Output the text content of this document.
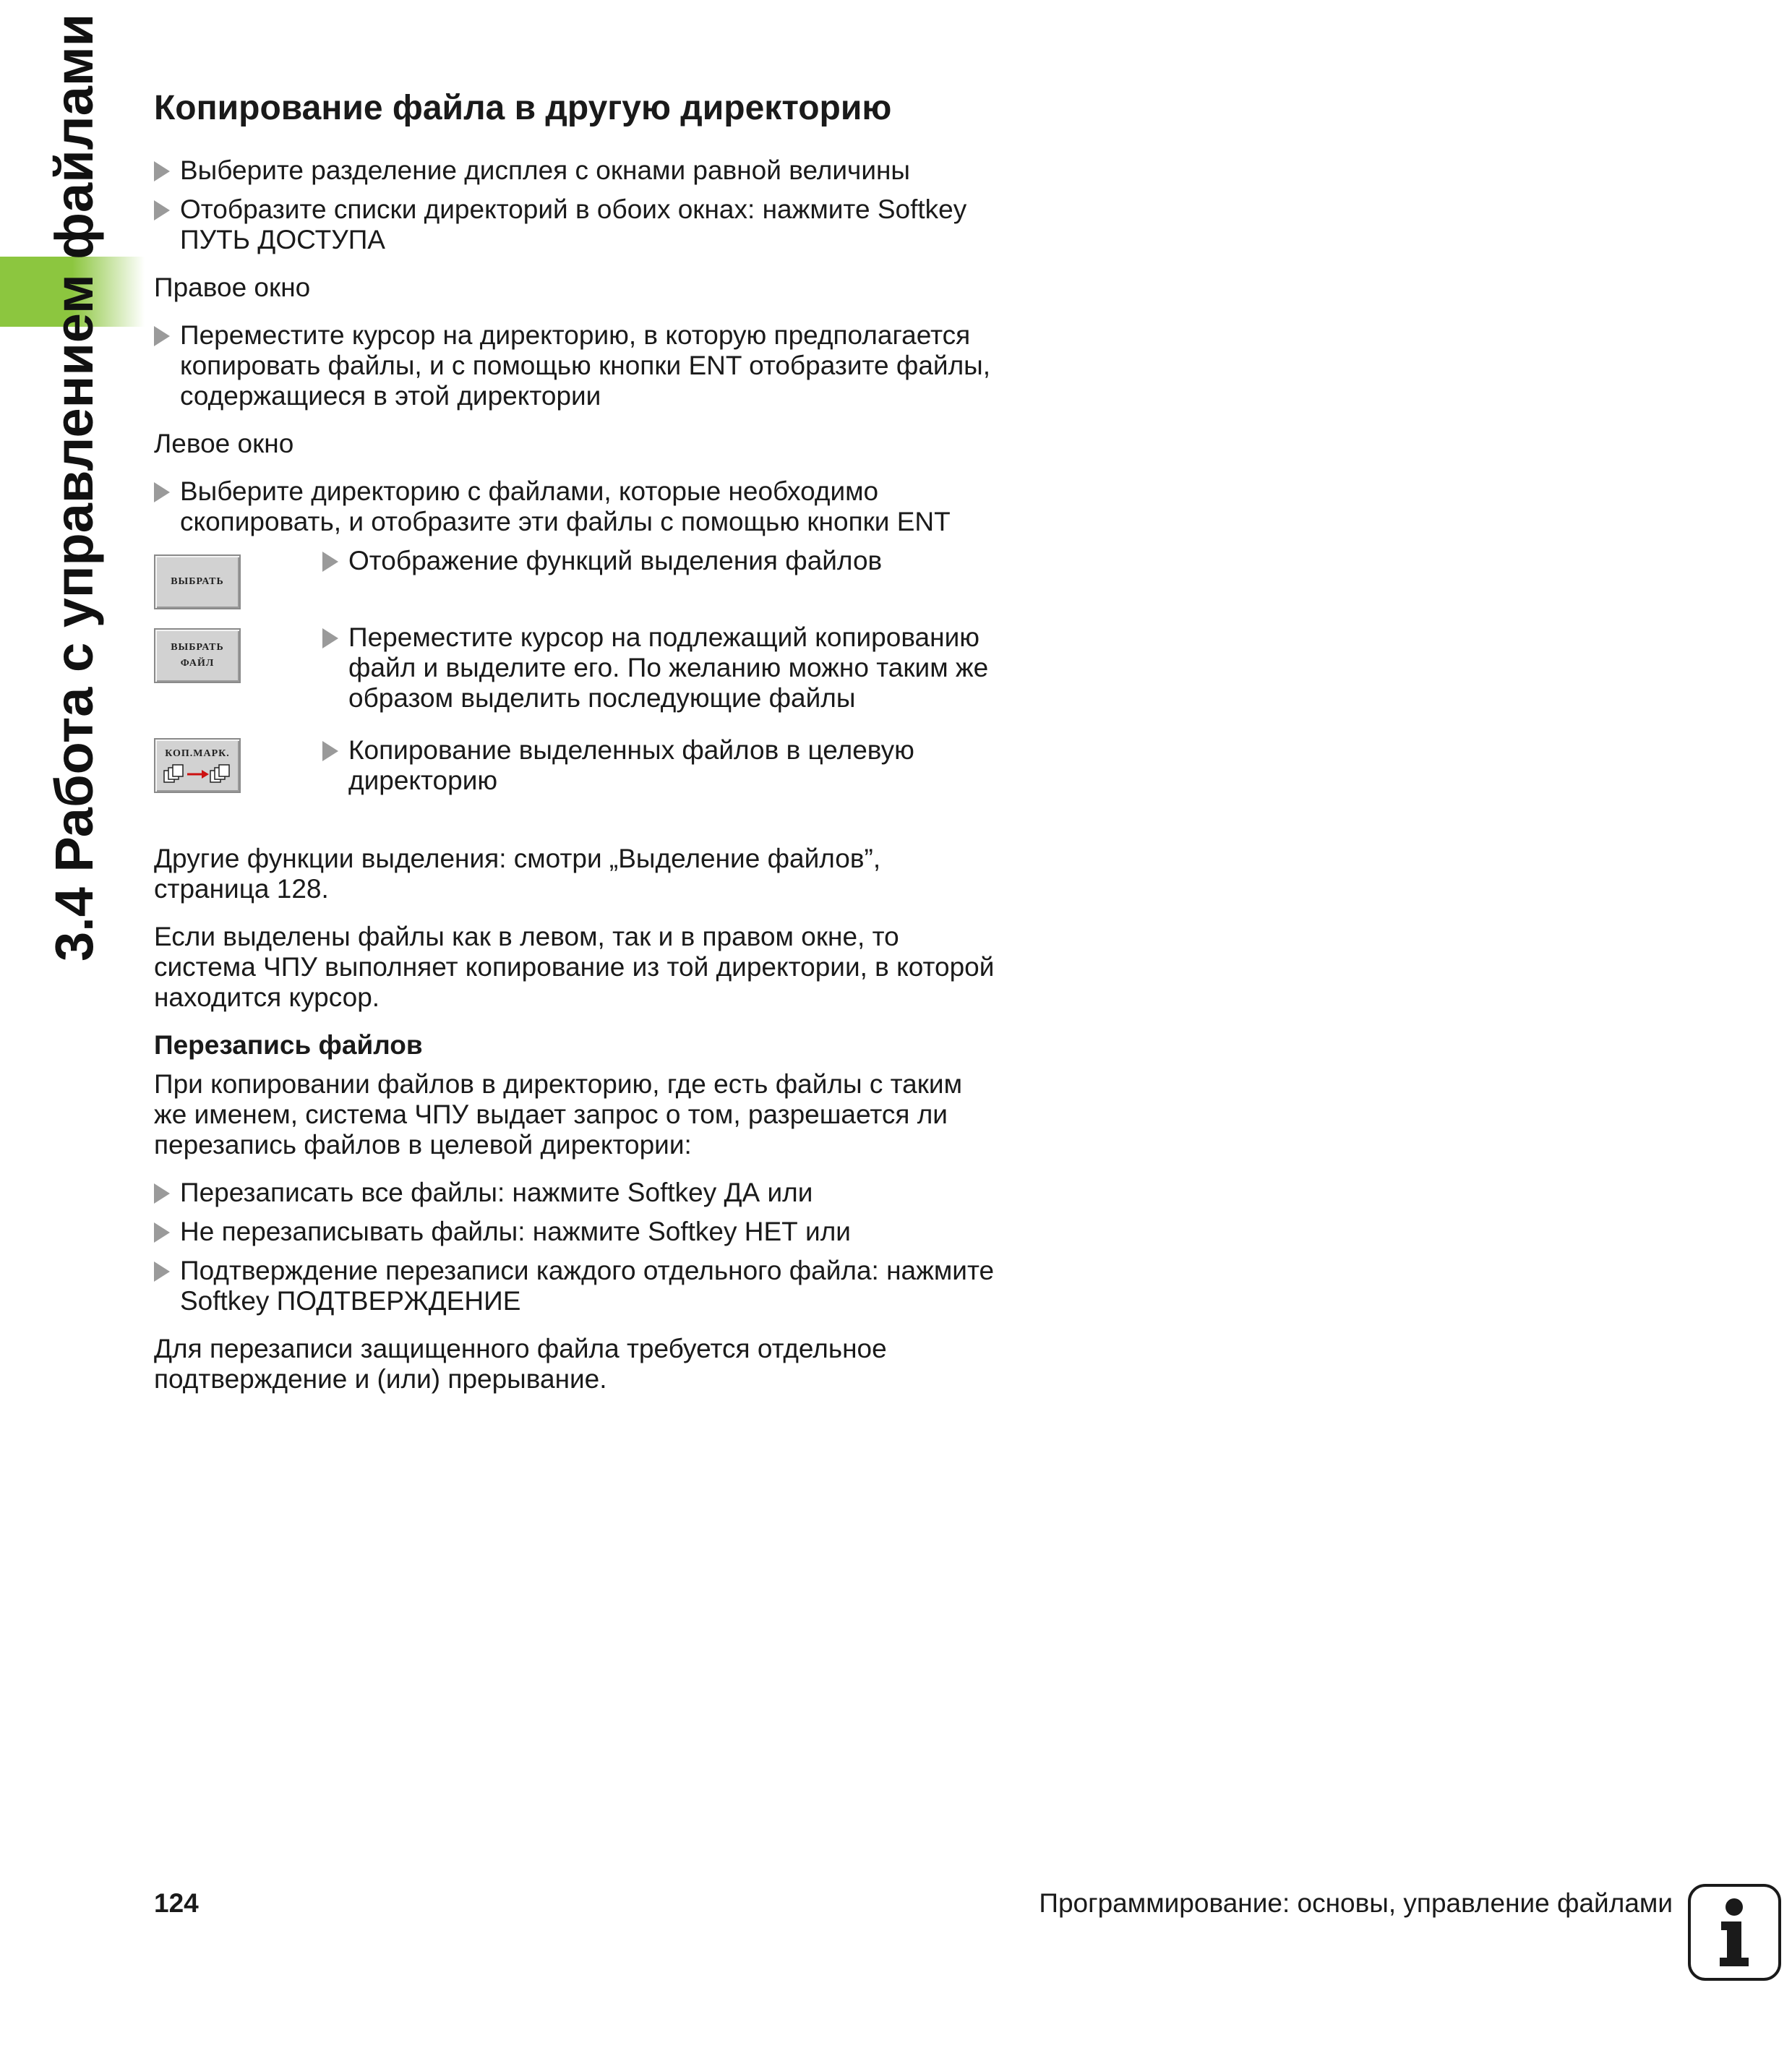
3.4 Работа с управлением файлами Копирование файла в другую директорию
Выберите разделение дисплея с окнами равной величины
Отобразите списки директорий в обоих окнах: нажмите Softkey ПУТЬ ДОСТУПА

Правое окно

Переместите курсор на директорию, в которую предполагается копировать файлы, и с помощью кнопки ENT отобразите файлы, содержащиеся в этой директории

Левое окно

Выберите директорию с файлами, которые необходимо скопировать, и отобразите эти файлы с помощью кнопки ENT
ВЫБРАТЬ
Отображение функций выделения файлов
ВЫБРАТЬ
ФАЙЛ
Переместите курсор на подлежащий копированию файл и выделите его. По желанию можно таким же образом выделить последующие файлы
КОП.МАРК.	Копирование выделенных файлов в целевую директорию

Другие функции выделения: смотри „Выделение файлов”, страница 128.

Если выделены файлы как в левом, так и в правом окне, то система ЧПУ выполняет копирование из той директории, в которой находится курсор.

Перезапись файлов

При копировании файлов в директорию, где есть файлы с таким же именем, система ЧПУ выдает запрос о том, разрешается ли перезапись файлов в целевой директории:

Перезаписать все файлы: нажмите Softkey ДА или
Не перезаписывать файлы: нажмите Softkey НЕТ или
Подтверждение перезаписи каждого отдельного файла: нажмите Softkey ПОДТВЕРЖДЕНИЕ

Для перезаписи защищенного файла требуется отдельное подтверждение и (или) прерывание.

124	Программирование: основы, управление файлами
